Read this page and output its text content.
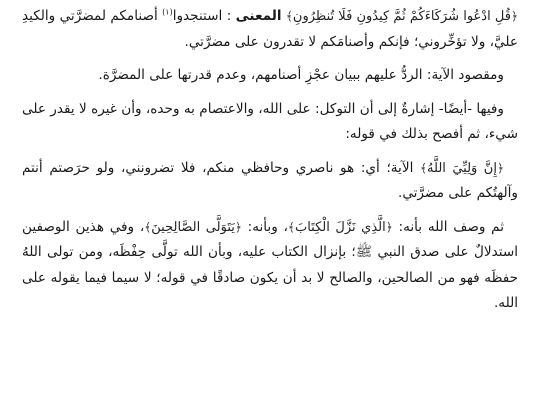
﴿قُلِ ادْعُوا شُرَكَاءَكُمْ ثُمَّ كِيدُونِ فَلَا تُنظِرُونِ﴾ المعنى : استنجدوا$^{(١)}$ أصنامكم لمضرَّتي والكيدِ عليَّ، ولا تؤخِّروني؛ فإنكم وأصنامَكم لا تقدرون على مضرَّتي.

ومقصود الآية: الردُّ عليهم ببيان عجْزِ أصنامهم، وعدم قدرتها على المضرَّة.

وفيها -أيضًا- إشارةٌ إلى أن التوكل: على الله، والاعتصام به وحده، وأن غيره لا يقدر على شيء، ثم أفصح بذلك في قوله:

﴿إِنَّ وَلِيِّيَ اللَّهُ﴾ الآية؛ أي: هو ناصري وحافظي منكم، فلا تضرونني، ولو حرَصتم أنتم وآلهتُكم على مضرَّتي.

ثم وصف الله بأنه: ﴿الَّذِي نَزَّلَ الْكِتَابَ﴾، وبأنه: ﴿يَتَوَلَّى الصَّالِحِينَ﴾، وفي هذين الوصفين استدلالٌ على صدق النبي ﷺ؛ بإنزال الكتاب عليه، وبأن الله تولَّى حِفْظَه، ومن تولى اللهُ حفظَه فهو من الصالحين، والصالح لا بد أن يكون صادقًا في قوله؛ لا سيما فيما يقوله على الله.
